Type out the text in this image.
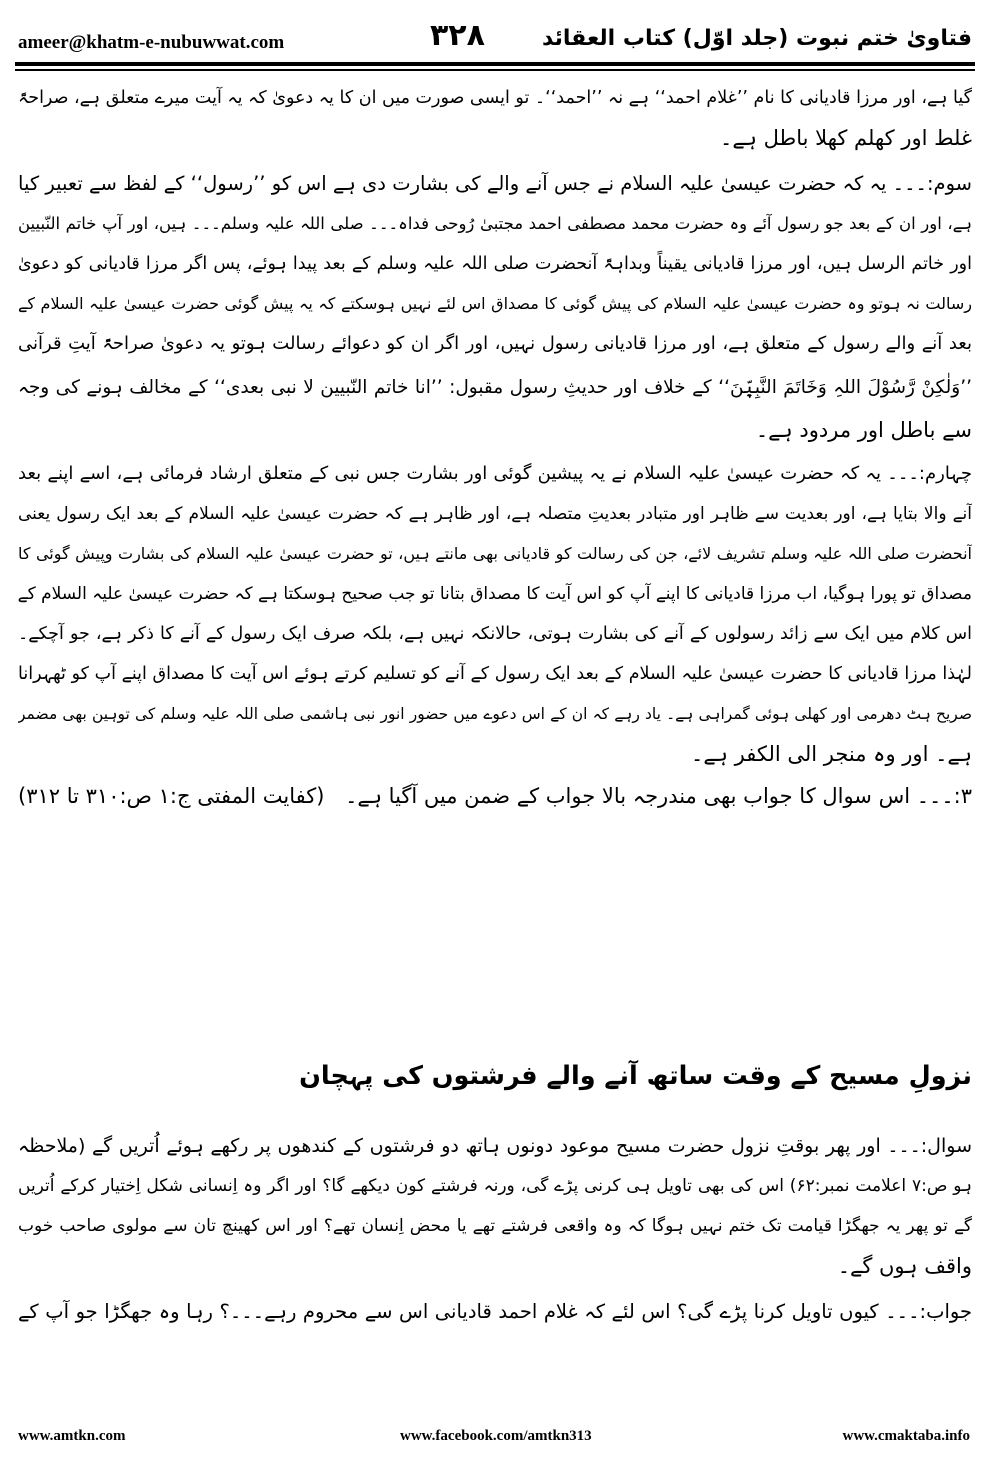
ameer@khatm-e-nubuwwat.com	۳۲۸	فتاویٰ ختم نبوت (جلد اوّل) کتاب العقائد
گیا ہے، اور مرزا قادیانی کا نام ’’غلام احمد‘‘ ہے نہ ’’احمد‘‘۔ تو ایسی صورت میں ان کا یہ دعویٰ کہ یہ آیت میرے متعلق ہے، صراحۃً
غلط اور کھلم کھلا باطل ہے۔
سوم:۔۔۔ یہ کہ حضرت عیسیٰ علیہ السلام نے جس آنے والے کی بشارت دی ہے اس کو ’’رسول‘‘ کے لفظ سے تعبیر کیا
ہے، اور ان کے بعد جو رسول آئے وہ حضرت محمد مصطفی احمد مجتبیٰ رُوحی فداہ۔۔۔ صلی اللہ علیہ وسلم۔۔۔ ہیں، اور آپ خاتم النّبیین
اور خاتم الرسل ہیں، اور مرزا قادیانی یقیناً وبداہۃً آنحضرت صلی اللہ علیہ وسلم کے بعد پیدا ہوئے، پس اگر مرزا قادیانی کو دعویٰ
رسالت نہ ہوتو وہ حضرت عیسیٰ علیہ السلام کی پیش گوئی کا مصداق اس لئے نہیں ہوسکتے کہ یہ پیش گوئی حضرت عیسیٰ علیہ السلام کے
بعد آنے والے رسول کے متعلق ہے، اور مرزا قادیانی رسول نہیں، اور اگر ان کو دعوائے رسالت ہوتو یہ دعویٰ صراحۃً آیتِ قرآنی
’’وَلٰکِنْ رَّسُوْلَ اللہِ وَخَاتَمَ النَّبِیّٖنَ‘‘ کے خلاف اور حدیثِ رسول مقبول: ’’انا خاتم النّبیین لا نبی بعدی‘‘ کے مخالف ہونے کی وجہ
سے باطل اور مردود ہے۔
چہارم:۔۔۔ یہ کہ حضرت عیسیٰ علیہ السلام نے یہ پیشین گوئی اور بشارت جس نبی کے متعلق ارشاد فرمائی ہے، اسے اپنے بعد
آنے والا بتایا ہے، اور بعدیت سے ظاہر اور متبادر بعدیتِ متصلہ ہے، اور ظاہر ہے کہ حضرت عیسیٰ علیہ السلام کے بعد ایک رسول یعنی
آنحضرت صلی اللہ علیہ وسلم تشریف لائے، جن کی رسالت کو قادیانی بھی مانتے ہیں، تو حضرت عیسیٰ علیہ السلام کی بشارت وپیش گوئی کا
مصداق تو پورا ہوگیا، اب مرزا قادیانی کا اپنے آپ کو اس آیت کا مصداق بتانا تو جب صحیح ہوسکتا ہے کہ حضرت عیسیٰ علیہ السلام کے
اس کلام میں ایک سے زائد رسولوں کے آنے کی بشارت ہوتی، حالانکہ نہیں ہے، بلکہ صرف ایک رسول کے آنے کا ذکر ہے، جو آچکے۔
لہٰذا مرزا قادیانی کا حضرت عیسیٰ علیہ السلام کے بعد ایک رسول کے آنے کو تسلیم کرتے ہوئے اس آیت کا مصداق اپنے آپ کو ٹھہرانا
صریح ہٹ دھرمی اور کھلی ہوئی گمراہی ہے۔ یاد رہے کہ ان کے اس دعوے میں حضور انور نبی ہاشمی صلی اللہ علیہ وسلم کی توہین بھی مضمر
ہے۔ اور وہ منجر الی الکفر ہے۔
۳:۔۔۔ اس سوال کا جواب بھی مندرجہ بالا جواب کے ضمن میں آگیا ہے۔
(کفایت المفتی ج:۱ ص:۳۱۰ تا ۳۱۲)
نزولِ مسیح کے وقت ساتھ آنے والے فرشتوں کی پہچان
سوال:۔۔۔ اور پھر بوقتِ نزول حضرت مسیح موعود دونوں ہاتھ دو فرشتوں کے کندھوں پر رکھے ہوئے اُتریں گے (ملاحظہ
ہو ص:۷ اعلامت نمبر:۶۲) اس کی بھی تاویل ہی کرنی پڑے گی، ورنہ فرشتے کون دیکھے گا؟ اور اگر وہ اِنسانی شکل اِختیار کرکے اُتریں
گے تو پھر یہ جھگڑا قیامت تک ختم نہیں ہوگا کہ وہ واقعی فرشتے تھے یا محض اِنسان تھے؟ اور اس کھینچ تان سے مولوی صاحب خوب
واقف ہوں گے۔
جواب:۔۔۔ کیوں تاویل کرنا پڑے گی؟ اس لئے کہ غلام احمد قادیانی اس سے محروم رہے۔۔۔؟ رہا وہ جھگڑا جو آپ کے
www.amtkn.com	www.facebook.com/amtkn313	www.cmaktaba.info
